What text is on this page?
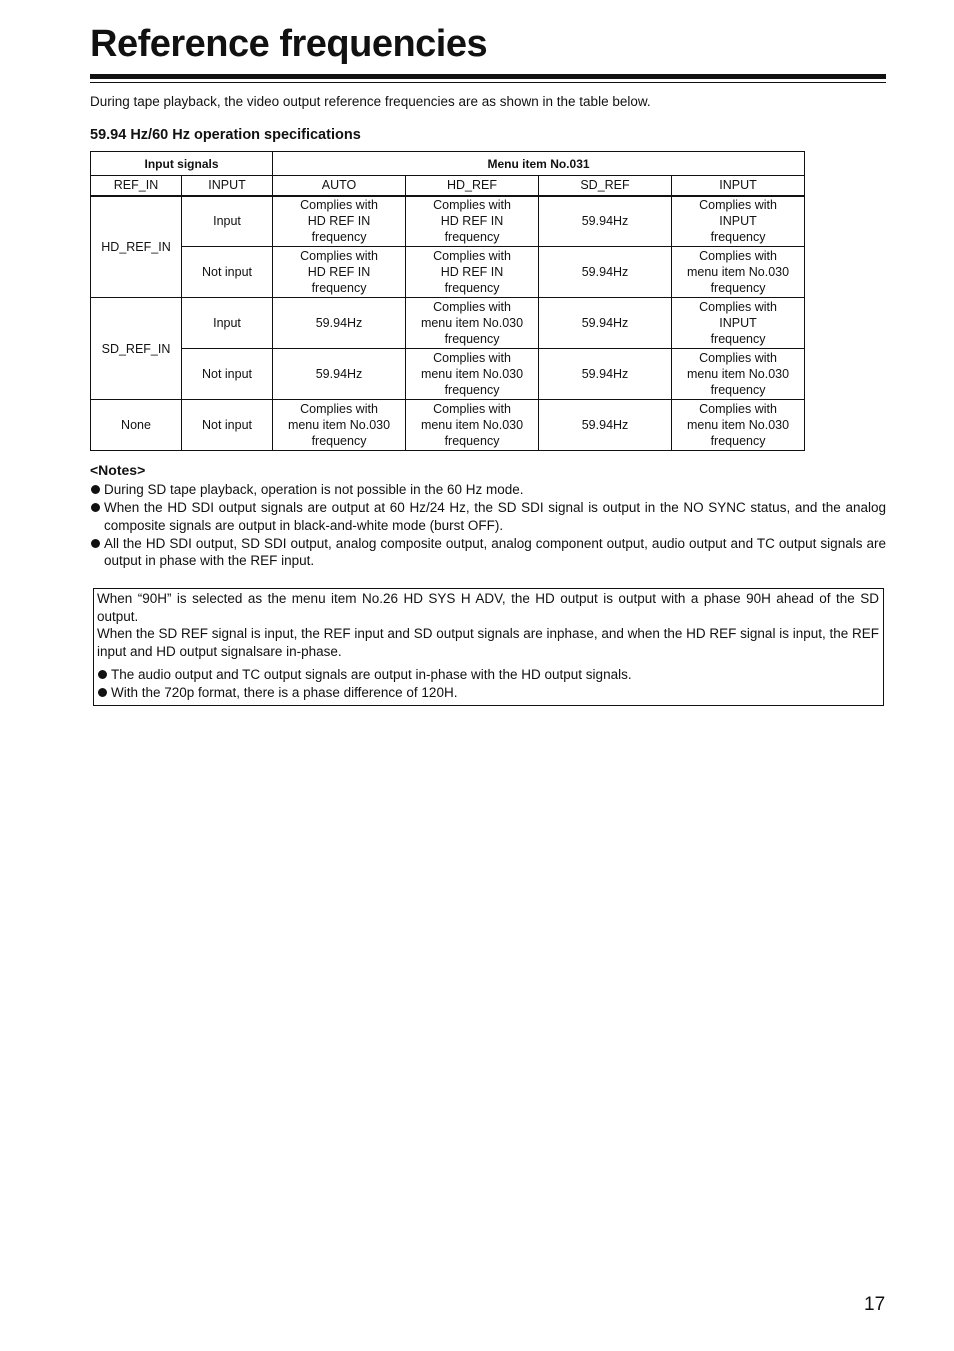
Reference frequencies

During tape playback, the video output reference frequencies are as shown in the table below.

59.94 Hz/60 Hz operation specifications
Input signals		Menu item No.031			
REF_IN	INPUT	AUTO	HD_REF	SD_REF	INPUT
HD_REF_IN	Input	Complies with
HD REF IN
frequency	Complies with
HD REF IN
frequency	59.94Hz	Complies with
INPUT
frequency
	Not input	Complies with
HD REF IN
frequency	Complies with
HD REF IN
frequency	59.94Hz	Complies with
menu item No.030
frequency
SD_REF_IN	Input	59.94Hz	Complies with
menu item No.030
frequency	59.94Hz	Complies with
INPUT
frequency
	Not input	59.94Hz	Complies with
menu item No.030
frequency	59.94Hz	Complies with
menu item No.030
frequency
None	Not input	Complies with
menu item No.030
frequency	Complies with
menu item No.030
frequency	59.94Hz	Complies with
menu item No.030
frequency
<Notes>
During SD tape playback, operation is not possible in the 60 Hz mode.
When the HD SDI output signals are output at 60 Hz/24 Hz, the SD SDI signal is output in the NO SYNC status, and the analog composite signals are output in black-and-white mode (burst OFF).
All the HD SDI output, SD SDI output, analog composite output, analog component output, audio output and TC output signals are output in phase with the REF input.

When “90H” is selected as the menu item No.26 HD SYS H ADV, the HD output is output with a phase 90H ahead of the SD output.

When the SD REF signal is input, the REF input and SD output signals are inphase, and when the HD REF signal is input, the REF input and HD output signalsare in-phase.

The audio output and TC output signals are output in-phase with the HD output signals.
With the 720p format, there is a phase difference of 120H.
17
